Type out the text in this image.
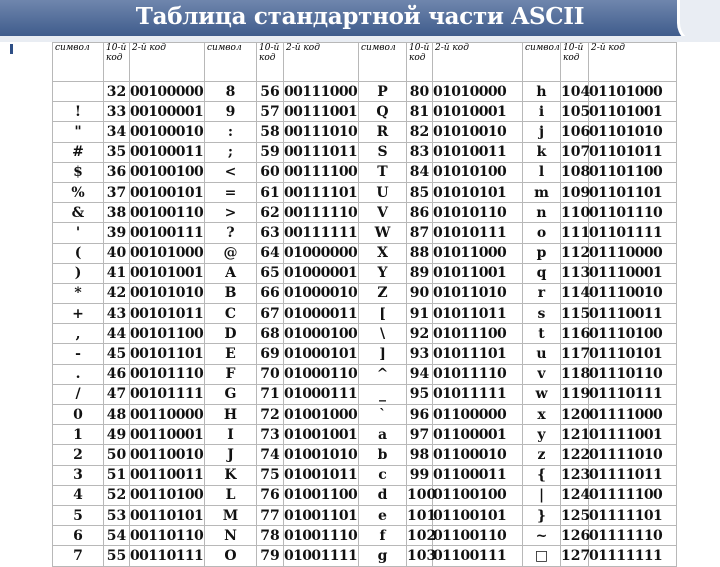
Таблица стандартной части ASCII
символ	10-й код	2-й код	символ	10-й код	2-й код	символ	10-й код	2-й код	символ	10-й код	2-й код
	32	00100000	8	56	00111000	P	80	01010000	h	104	01101000
!	33	00100001	9	57	00111001	Q	81	01010001	i	105	01101001
"	34	00100010	:	58	00111010	R	82	01010010	j	106	01101010
#	35	00100011	;	59	00111011	S	83	01010011	k	107	01101011
$	36	00100100	<	60	00111100	T	84	01010100	l	108	01101100
%	37	00100101	=	61	00111101	U	85	01010101	m	109	01101101
&	38	00100110	>	62	00111110	V	86	01010110	n	110	01101110
'	39	00100111	?	63	00111111	W	87	01010111	o	111	01101111
(	40	00101000	@	64	01000000	X	88	01011000	p	112	01110000
)	41	00101001	A	65	01000001	Y	89	01011001	q	113	01110001
*	42	00101010	B	66	01000010	Z	90	01011010	r	114	01110010
+	43	00101011	C	67	01000011	[	91	01011011	s	115	01110011
,	44	00101100	D	68	01000100	\	92	01011100	t	116	01110100
-	45	00101101	E	69	01000101	]	93	01011101	u	117	01110101
.	46	00101110	F	70	01000110	^	94	01011110	v	118	01110110
/	47	00101111	G	71	01000111	_	95	01011111	w	119	01110111
0	48	00110000	H	72	01001000	`	96	01100000	x	120	01111000
1	49	00110001	I	73	01001001	a	97	01100001	y	121	01111001
2	50	00110010	J	74	01001010	b	98	01100010	z	122	01111010
3	51	00110011	K	75	01001011	c	99	01100011	{	123	01111011
4	52	00110100	L	76	01001100	d	100	01100100	|	124	01111100
5	53	00110101	M	77	01001101	e	101	01100101	}	125	01111101
6	54	00110110	N	78	01001110	f	102	01100110	~	126	01111110
7	55	00110111	O	79	01001111	g	103	01100111	□	127	01111111
